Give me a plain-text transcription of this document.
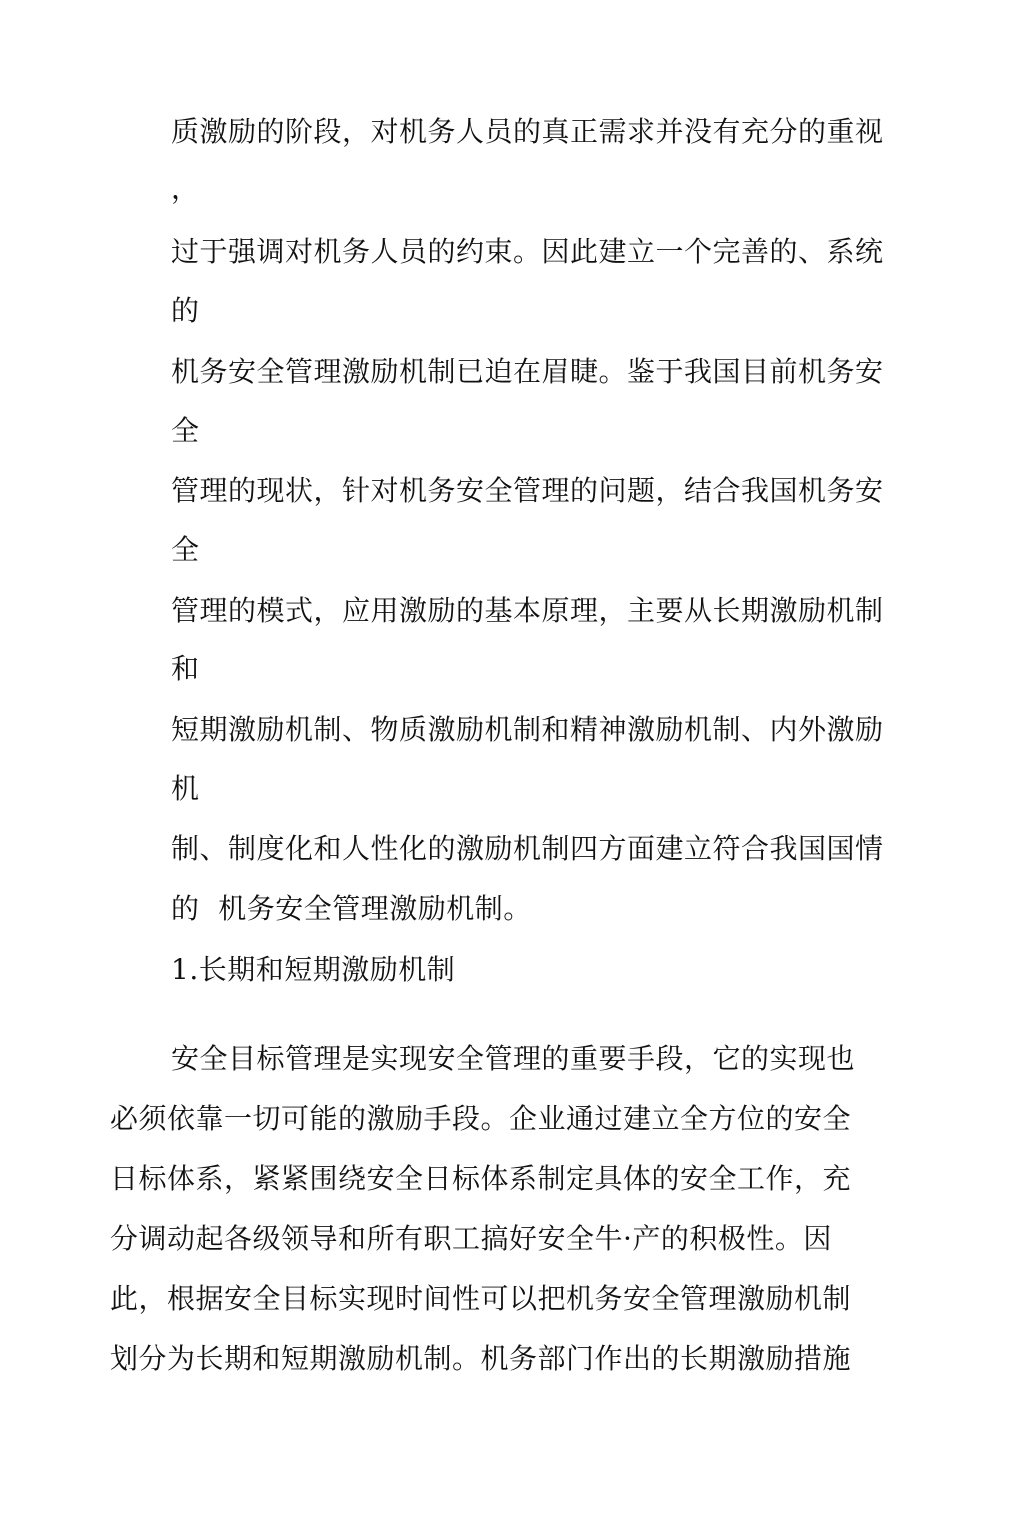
质激励的阶段，对机务人员的真正需求并没有充分的重视
，
过于强调对机务人员的约束。因此建立一个完善的、系统
的
机务安全管理激励机制已迫在眉睫。鉴于我国目前机务安
全
管理的现状，针对机务安全管理的问题，结合我国机务安
全
管理的模式，应用激励的基本原理，主要从长期激励机制
和
短期激励机制、物质激励机制和精神激励机制、内外激励
机
制、制度化和人性化的激励机制四方面建立符合我国国情
的  机务安全管理激励机制。
1.长期和短期激励机制
安全目标管理是实现安全管理的重要手段，它的实现也
必须依靠一切可能的激励手段。企业通过建立全方位的安全
日标体系，紧紧围绕安全日标体系制定具体的安全工作，充
分调动起各级领导和所有职工搞好安全牛·产的积极性。因
此，根据安全目标实现时间性可以把机务安全管理激励机制
划分为长期和短期激励机制。机务部门作出的长期激励措施
